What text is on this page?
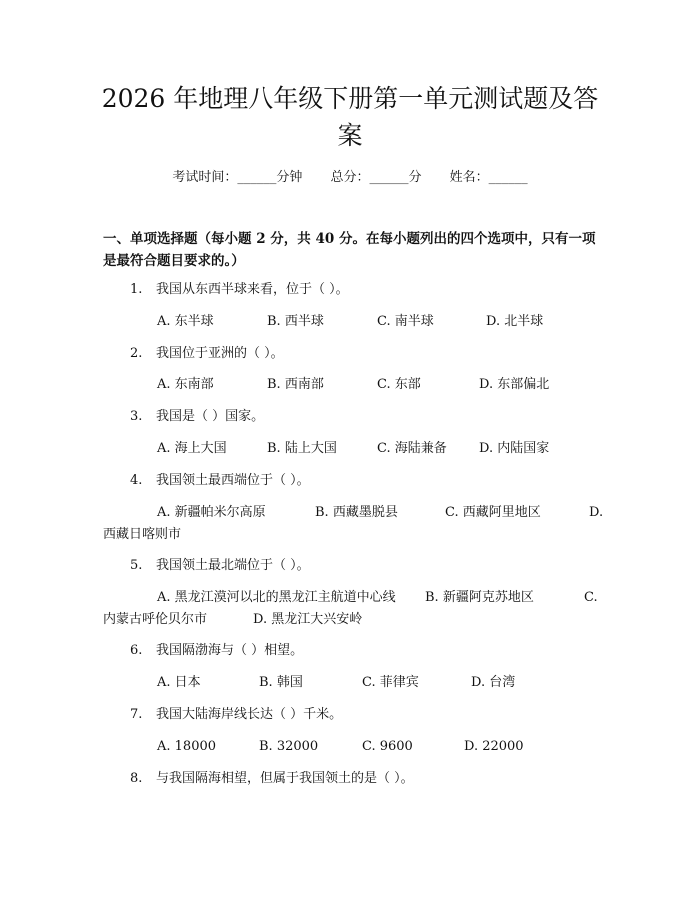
2026 年地理八年级下册第一单元测试题及答
案
考试时间：______分钟 总分：______分 姓名：______
一、单项选择题（每小题 2 分，共 40 分。在每小题列出的四个选项中，只有一项
是最符合题目要求的。）
1. 我国从东西半球来看，位于（ ）。
A. 东半球	B. 西半球	C. 南半球	D. 北半球
2. 我国位于亚洲的（ ）。
A. 东南部	B. 西南部	C. 东部	D. 东部偏北
3. 我国是（ ）国家。
A. 海上大国	B. 陆上大国	C. 海陆兼备 D. 内陆国家
4. 我国领土最西端位于（ ）。
A. 新疆帕米尔高原	B. 西藏墨脱县	C. 西藏阿里地区	D.
西藏日喀则市
5. 我国领土最北端位于（ ）。
A. 黑龙江漠河以北的黑龙江主航道中心线 B. 新疆阿克苏地区	C.
内蒙古呼伦贝尔市	D. 黑龙江大兴安岭
6. 我国隔渤海与（ ）相望。
A. 日本	B. 韩国	C. 菲律宾	D. 台湾
7. 我国大陆海岸线长达（ ）千米。
A. 18000	B. 32000	C. 9600	D. 22000
8. 与我国隔海相望，但属于我国领土的是（ ）。
